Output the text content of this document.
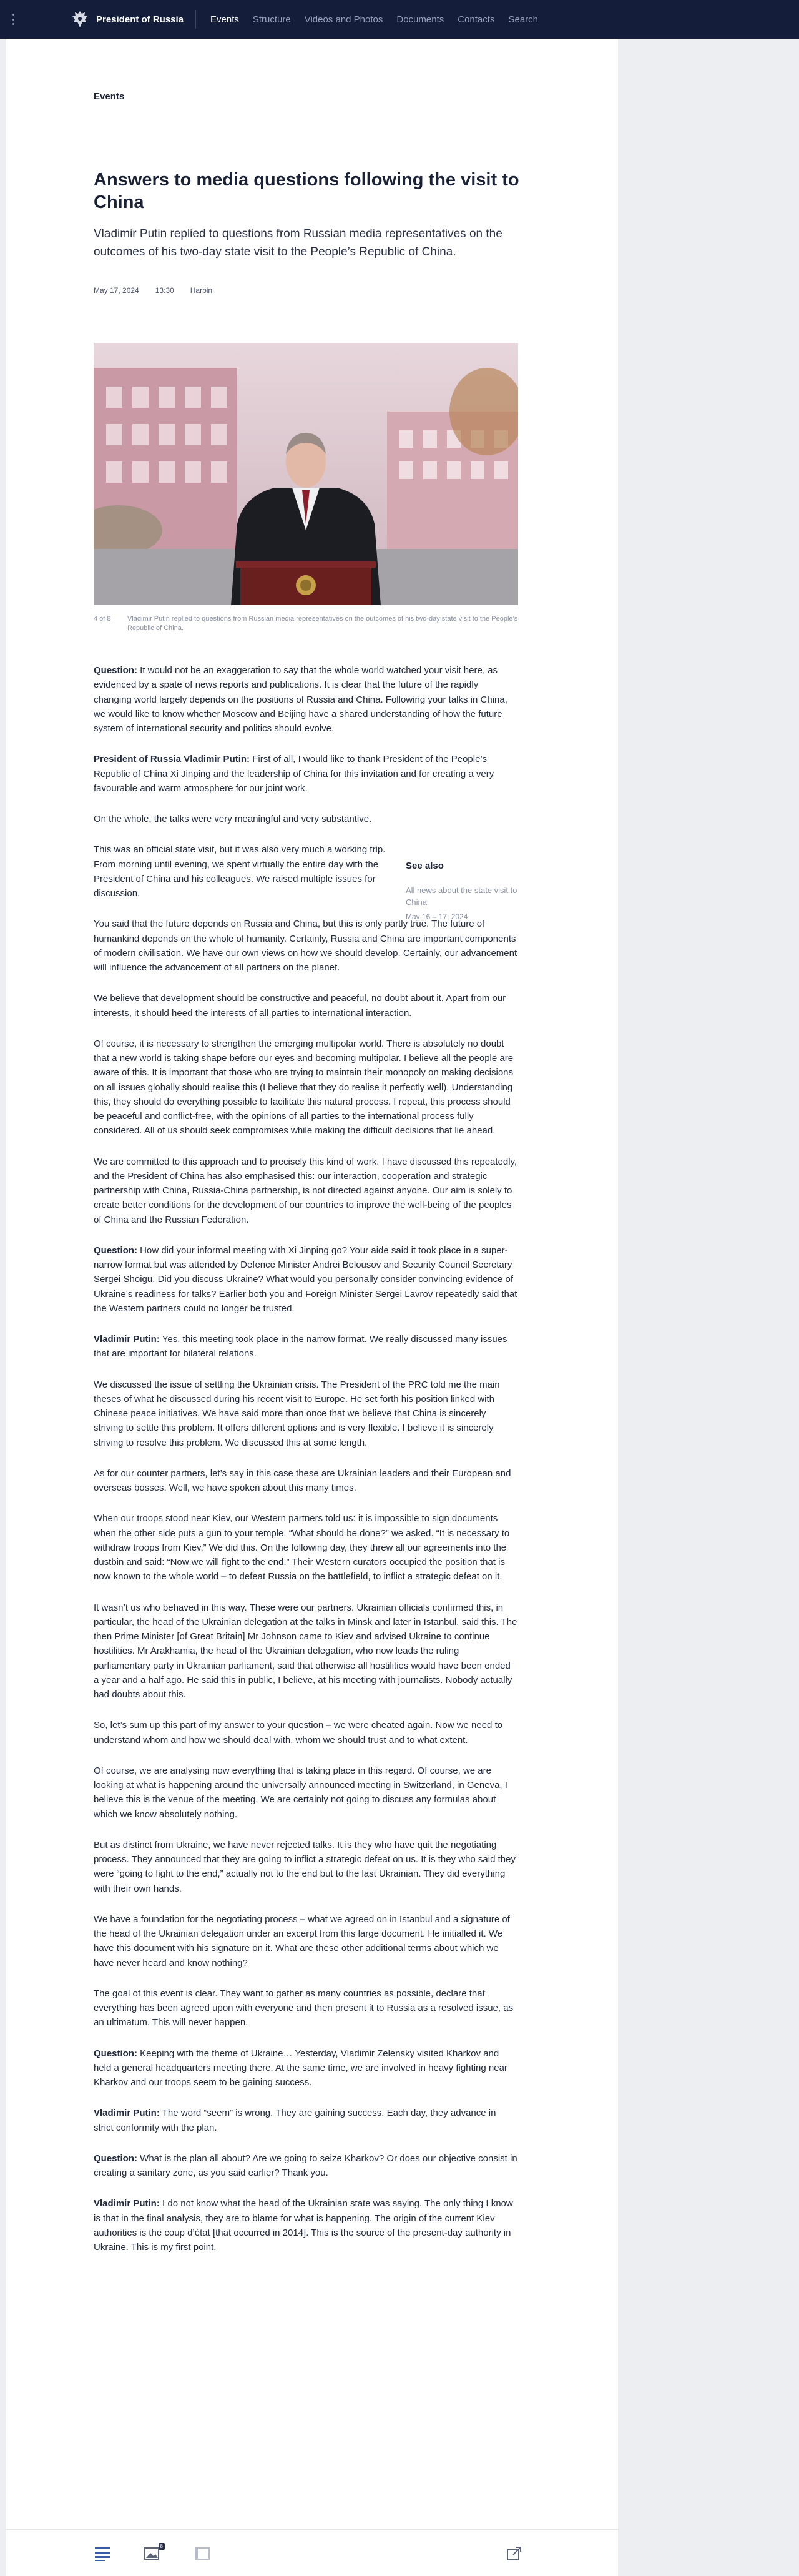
President of Russia	Events Structure Videos and Photos Documents Contacts Search
Events
Answers to media questions following the visit to China

Vladimir Putin replied to questions from Russian media representatives on the outcomes of his two-day state visit to the People’s Republic of China.

May 17, 2024 13:30 Harbin
4 of 8	Vladimir Putin replied to questions from Russian media representatives on the outcomes of his two-day state visit to the People’s Republic of China.
See also
All news about the state visit to China
May 16 – 17, 2024

Question: It would not be an exaggeration to say that the whole world watched your visit here, as evidenced by a spate of news reports and publications. It is clear that the future of the rapidly changing world largely depends on the positions of Russia and China. Following your talks in China, we would like to know whether Moscow and Beijing have a shared understanding of how the future system of international security and politics should evolve.

President of Russia Vladimir Putin: First of all, I would like to thank President of the People’s Republic of China Xi Jinping and the leadership of China for this invitation and for creating a very favourable and warm atmosphere for our joint work.

On the whole, the talks were very meaningful and very substantive.

This was an official state visit, but it was also very much a working trip. From morning until evening, we spent virtually the entire day with the President of China and his colleagues. We raised multiple issues for discussion.

You said that the future depends on Russia and China, but this is only partly true. The future of humankind depends on the whole of humanity. Certainly, Russia and China are important components of modern civilisation. We have our own views on how we should develop. Certainly, our advancement will influence the advancement of all partners on the planet.

We believe that development should be constructive and peaceful, no doubt about it. Apart from our interests, it should heed the interests of all parties to international interaction.

Of course, it is necessary to strengthen the emerging multipolar world. There is absolutely no doubt that a new world is taking shape before our eyes and becoming multipolar. I believe all the people are aware of this. It is important that those who are trying to maintain their monopoly on making decisions on all issues globally should realise this (I believe that they do realise it perfectly well). Understanding this, they should do everything possible to facilitate this natural process. I repeat, this process should be peaceful and conflict-free, with the opinions of all parties to the international process fully considered. All of us should seek compromises while making the difficult decisions that lie ahead.

We are committed to this approach and to precisely this kind of work. I have discussed this repeatedly, and the President of China has also emphasised this: our interaction, cooperation and strategic partnership with China, Russia-China partnership, is not directed against anyone. Our aim is solely to create better conditions for the development of our countries to improve the well-being of the peoples of China and the Russian Federation.

Question: How did your informal meeting with Xi Jinping go? Your aide said it took place in a super-narrow format but was attended by Defence Minister Andrei Belousov and Security Council Secretary Sergei Shoigu. Did you discuss Ukraine? What would you personally consider convincing evidence of Ukraine’s readiness for talks? Earlier both you and Foreign Minister Sergei Lavrov repeatedly said that the Western partners could no longer be trusted.

Vladimir Putin: Yes, this meeting took place in the narrow format. We really discussed many issues that are important for bilateral relations.

We discussed the issue of settling the Ukrainian crisis. The President of the PRC told me the main theses of what he discussed during his recent visit to Europe. He set forth his position linked with Chinese peace initiatives. We have said more than once that we believe that China is sincerely striving to settle this problem. It offers different options and is very flexible. I believe it is sincerely striving to resolve this problem. We discussed this at some length.

As for our counter partners, let’s say in this case these are Ukrainian leaders and their European and overseas bosses. Well, we have spoken about this many times.

When our troops stood near Kiev, our Western partners told us: it is impossible to sign documents when the other side puts a gun to your temple. “What should be done?” we asked. “It is necessary to withdraw troops from Kiev.” We did this. On the following day, they threw all our agreements into the dustbin and said: “Now we will fight to the end.” Their Western curators occupied the position that is now known to the whole world – to defeat Russia on the battlefield, to inflict a strategic defeat on it.

It wasn’t us who behaved in this way. These were our partners. Ukrainian officials confirmed this, in particular, the head of the Ukrainian delegation at the talks in Minsk and later in Istanbul, said this. The then Prime Minister [of Great Britain] Mr Johnson came to Kiev and advised Ukraine to continue hostilities. Mr Arakhamia, the head of the Ukrainian delegation, who now leads the ruling parliamentary party in Ukrainian parliament, said that otherwise all hostilities would have been ended a year and a half ago. He said this in public, I believe, at his meeting with journalists. Nobody actually had doubts about this.

So, let’s sum up this part of my answer to your question – we were cheated again. Now we need to understand whom and how we should deal with, whom we should trust and to what extent.

Of course, we are analysing now everything that is taking place in this regard. Of course, we are looking at what is happening around the universally announced meeting in Switzerland, in Geneva, I believe this is the venue of the meeting. We are certainly not going to discuss any formulas about which we know absolutely nothing.

But as distinct from Ukraine, we have never rejected talks. It is they who have quit the negotiating process. They announced that they are going to inflict a strategic defeat on us. It is they who said they were “going to fight to the end,” actually not to the end but to the last Ukrainian. They did everything with their own hands.

We have a foundation for the negotiating process – what we agreed on in Istanbul and a signature of the head of the Ukrainian delegation under an excerpt from this large document. He initialled it. We have this document with his signature on it. What are these other additional terms about which we have never heard and know nothing?

The goal of this event is clear. They want to gather as many countries as possible, declare that everything has been agreed upon with everyone and then present it to Russia as a resolved issue, as an ultimatum. This will never happen.

Question: Keeping with the theme of Ukraine… Yesterday, Vladimir Zelensky visited Kharkov and held a general headquarters meeting there. At the same time, we are involved in heavy fighting near Kharkov and our troops seem to be gaining success.

Vladimir Putin: The word “seem” is wrong. They are gaining success. Each day, they advance in strict conformity with the plan.

Question: What is the plan all about? Are we going to seize Kharkov? Or does our objective consist in creating a sanitary zone, as you said earlier? Thank you.

Vladimir Putin: I do not know what the head of the Ukrainian state was saying. The only thing I know is that in the final analysis, they are to blame for what is happening. The origin of the current Kiev authorities is the coup d’état [that occurred in 2014]. This is the source of the present-day authority in Ukraine. This is my first point.

8
